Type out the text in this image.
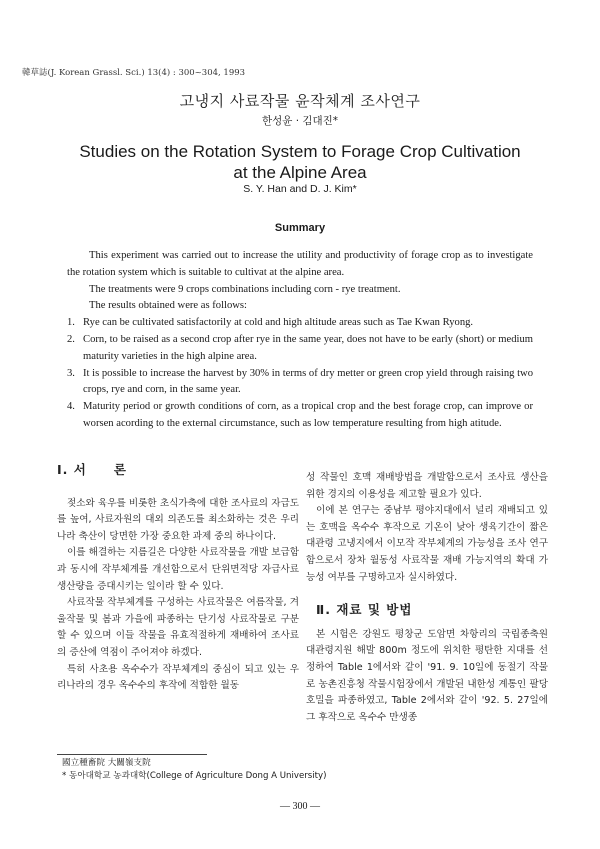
韓草誌(J. Korean Grassl. Sci.) 13(4) : 300~304, 1993
고냉지 사료작물 윤작체계 조사연구
한성윤 · 김대진*
Studies on the Rotation System to Forage Crop Cultivation
at the Alpine Area
S. Y. Han and D. J. Kim*
Summary

This experiment was carried out to increase the utility and productivity of forage crop as to investigate the rotation system which is suitable to cultivat at the alpine area.

The treatments were 9 crops combinations including corn - rye treatment.

The results obtained were as follows:

1. Rye can be cultivated satisfactorily at cold and high altitude areas such as Tae Kwan Ryong.
2. Corn, to be raised as a second crop after rye in the same year, does not have to be early (short) or medium maturity varieties in the high alpine area.
3. It is possible to increase the harvest by 30% in terms of dry metter or green crop yield through raising two crops, rye and corn, in the same year.
4. Maturity period or growth conditions of corn, as a tropical crop and the best forage crop, can improve or worsen acording to the external circumstance, such as low temperature resulting from high atitude.
Ⅰ. 서　　론

젖소와 육우를 비롯한 초식가축에 대한 조사료의 자급도를 높여, 사료자원의 대외 의존도를 최소화하는 것은 우리나라 축산이 당면한 가장 중요한 과제 중의 하나이다.

이를 해결하는 지름길은 다양한 사료작물을 개발 보급함과 동시에 작부체계를 개선함으로서 단위면적당 자급사료 생산량을 증대시키는 일이라 할 수 있다.

사료작물 작부체계를 구성하는 사료작물은 여름작물, 겨울작물 및 봄과 가을에 파종하는 단기성 사료작물로 구분할 수 있으며 이들 작물을 유효적절하게 재배하여 조사료의 증산에 역점이 주어져야 하겠다.

특히 사초용 옥수수가 작부체계의 중심이 되고 있는 우리나라의 경우 옥수수의 후작에 적합한 월동

성 작물인 호맥 재배방법을 개발함으로서 조사료 생산을 위한 경지의 이용성을 제고할 필요가 있다.

이에 본 연구는 중남부 평야지대에서 널리 재배되고 있는 호맥을 옥수수 후작으로 기온이 낮아 생육기간이 짧은 대관령 고냉지에서 이모작 작부체계의 가능성을 조사 연구함으로서 장차 월동성 사료작물 재배 가능지역의 확대 가능성 여부를 구명하고자 실시하였다.

Ⅱ. 재료 및 방법

본 시험은 강원도 평창군 도암면 차항리의 국립종축원 대관령지원 해발 800m 정도에 위치한 평탄한 지대를 선정하여 Table 1에서와 같이 '91. 9. 10일에 동절기 작물로 농촌진흥청 작물시험장에서 개발된 내한성 계통인 팔당호밀을 파종하였고, Table 2에서와 같이 '92. 5. 27일에 그 후작으로 옥수수 만생종

國立種畜院 大關嶺支院
* 동아대학교 농과대학(College of Agriculture Dong A University)
— 300 —
